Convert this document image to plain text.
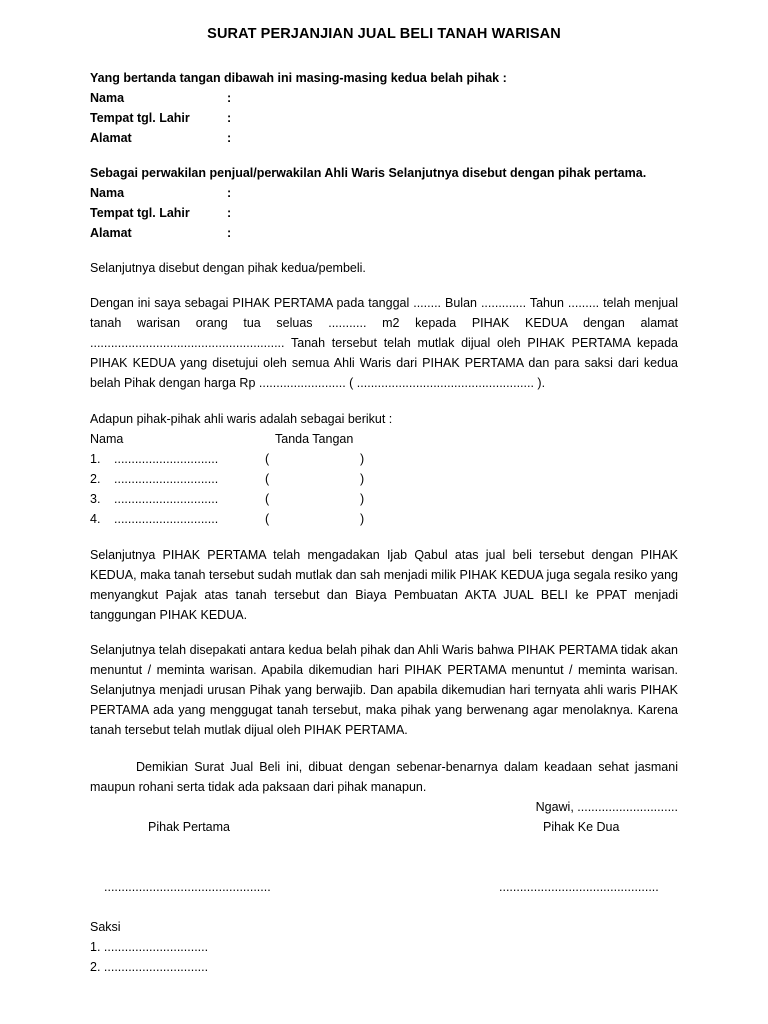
SURAT PERJANJIAN JUAL BELI TANAH WARISAN
Yang bertanda tangan dibawah ini masing-masing kedua belah pihak :
Nama	:
Tempat tgl. Lahir	:
Alamat	:
Sebagai perwakilan penjual/perwakilan Ahli Waris Selanjutnya disebut dengan pihak pertama.
Nama	:
Tempat tgl. Lahir	:
Alamat	:
Selanjutnya disebut dengan pihak kedua/pembeli.
Dengan ini saya sebagai PIHAK PERTAMA pada tanggal ........ Bulan ............. Tahun ......... telah menjual tanah warisan orang tua seluas ........... m2 kepada PIHAK KEDUA dengan alamat ........................................................ Tanah tersebut telah mutlak dijual oleh PIHAK PERTAMA kepada PIHAK KEDUA yang disetujui oleh semua Ahli Waris dari PIHAK PERTAMA dan para saksi dari kedua belah Pihak dengan harga Rp ......................... ( ................................................... ).
Adapun pihak-pihak ahli waris adalah sebagai berikut :
Nama	Tanda Tangan
1. ..............................	(	)
2. ..............................	(	)
3. ..............................	(	)
4. ..............................	(	)
Selanjutnya PIHAK PERTAMA telah mengadakan Ijab Qabul atas jual beli tersebut dengan PIHAK KEDUA, maka tanah tersebut sudah mutlak dan sah menjadi milik PIHAK KEDUA juga segala resiko yang menyangkut Pajak atas tanah tersebut dan Biaya Pembuatan AKTA JUAL BELI ke PPAT menjadi tanggungan PIHAK KEDUA.
Selanjutnya telah disepakati antara kedua belah pihak dan Ahli Waris bahwa PIHAK PERTAMA tidak akan menuntut / meminta warisan. Apabila dikemudian hari PIHAK PERTAMA menuntut / meminta warisan. Selanjutnya menjadi urusan Pihak yang berwajib. Dan apabila dikemudian hari ternyata ahli waris PIHAK PERTAMA ada yang menggugat tanah tersebut, maka pihak yang berwenang agar menolaknya. Karena tanah tersebut telah mutlak dijual oleh PIHAK PERTAMA.
Demikian Surat Jual Beli ini, dibuat dengan sebenar-benarnya dalam keadaan sehat jasmani maupun rohani serta tidak ada paksaan dari pihak manapun.
Ngawi, .............................
Pihak Pertama	Pihak Ke Dua
................................................	..............................................
Saksi
1. ..............................
2. ..............................
